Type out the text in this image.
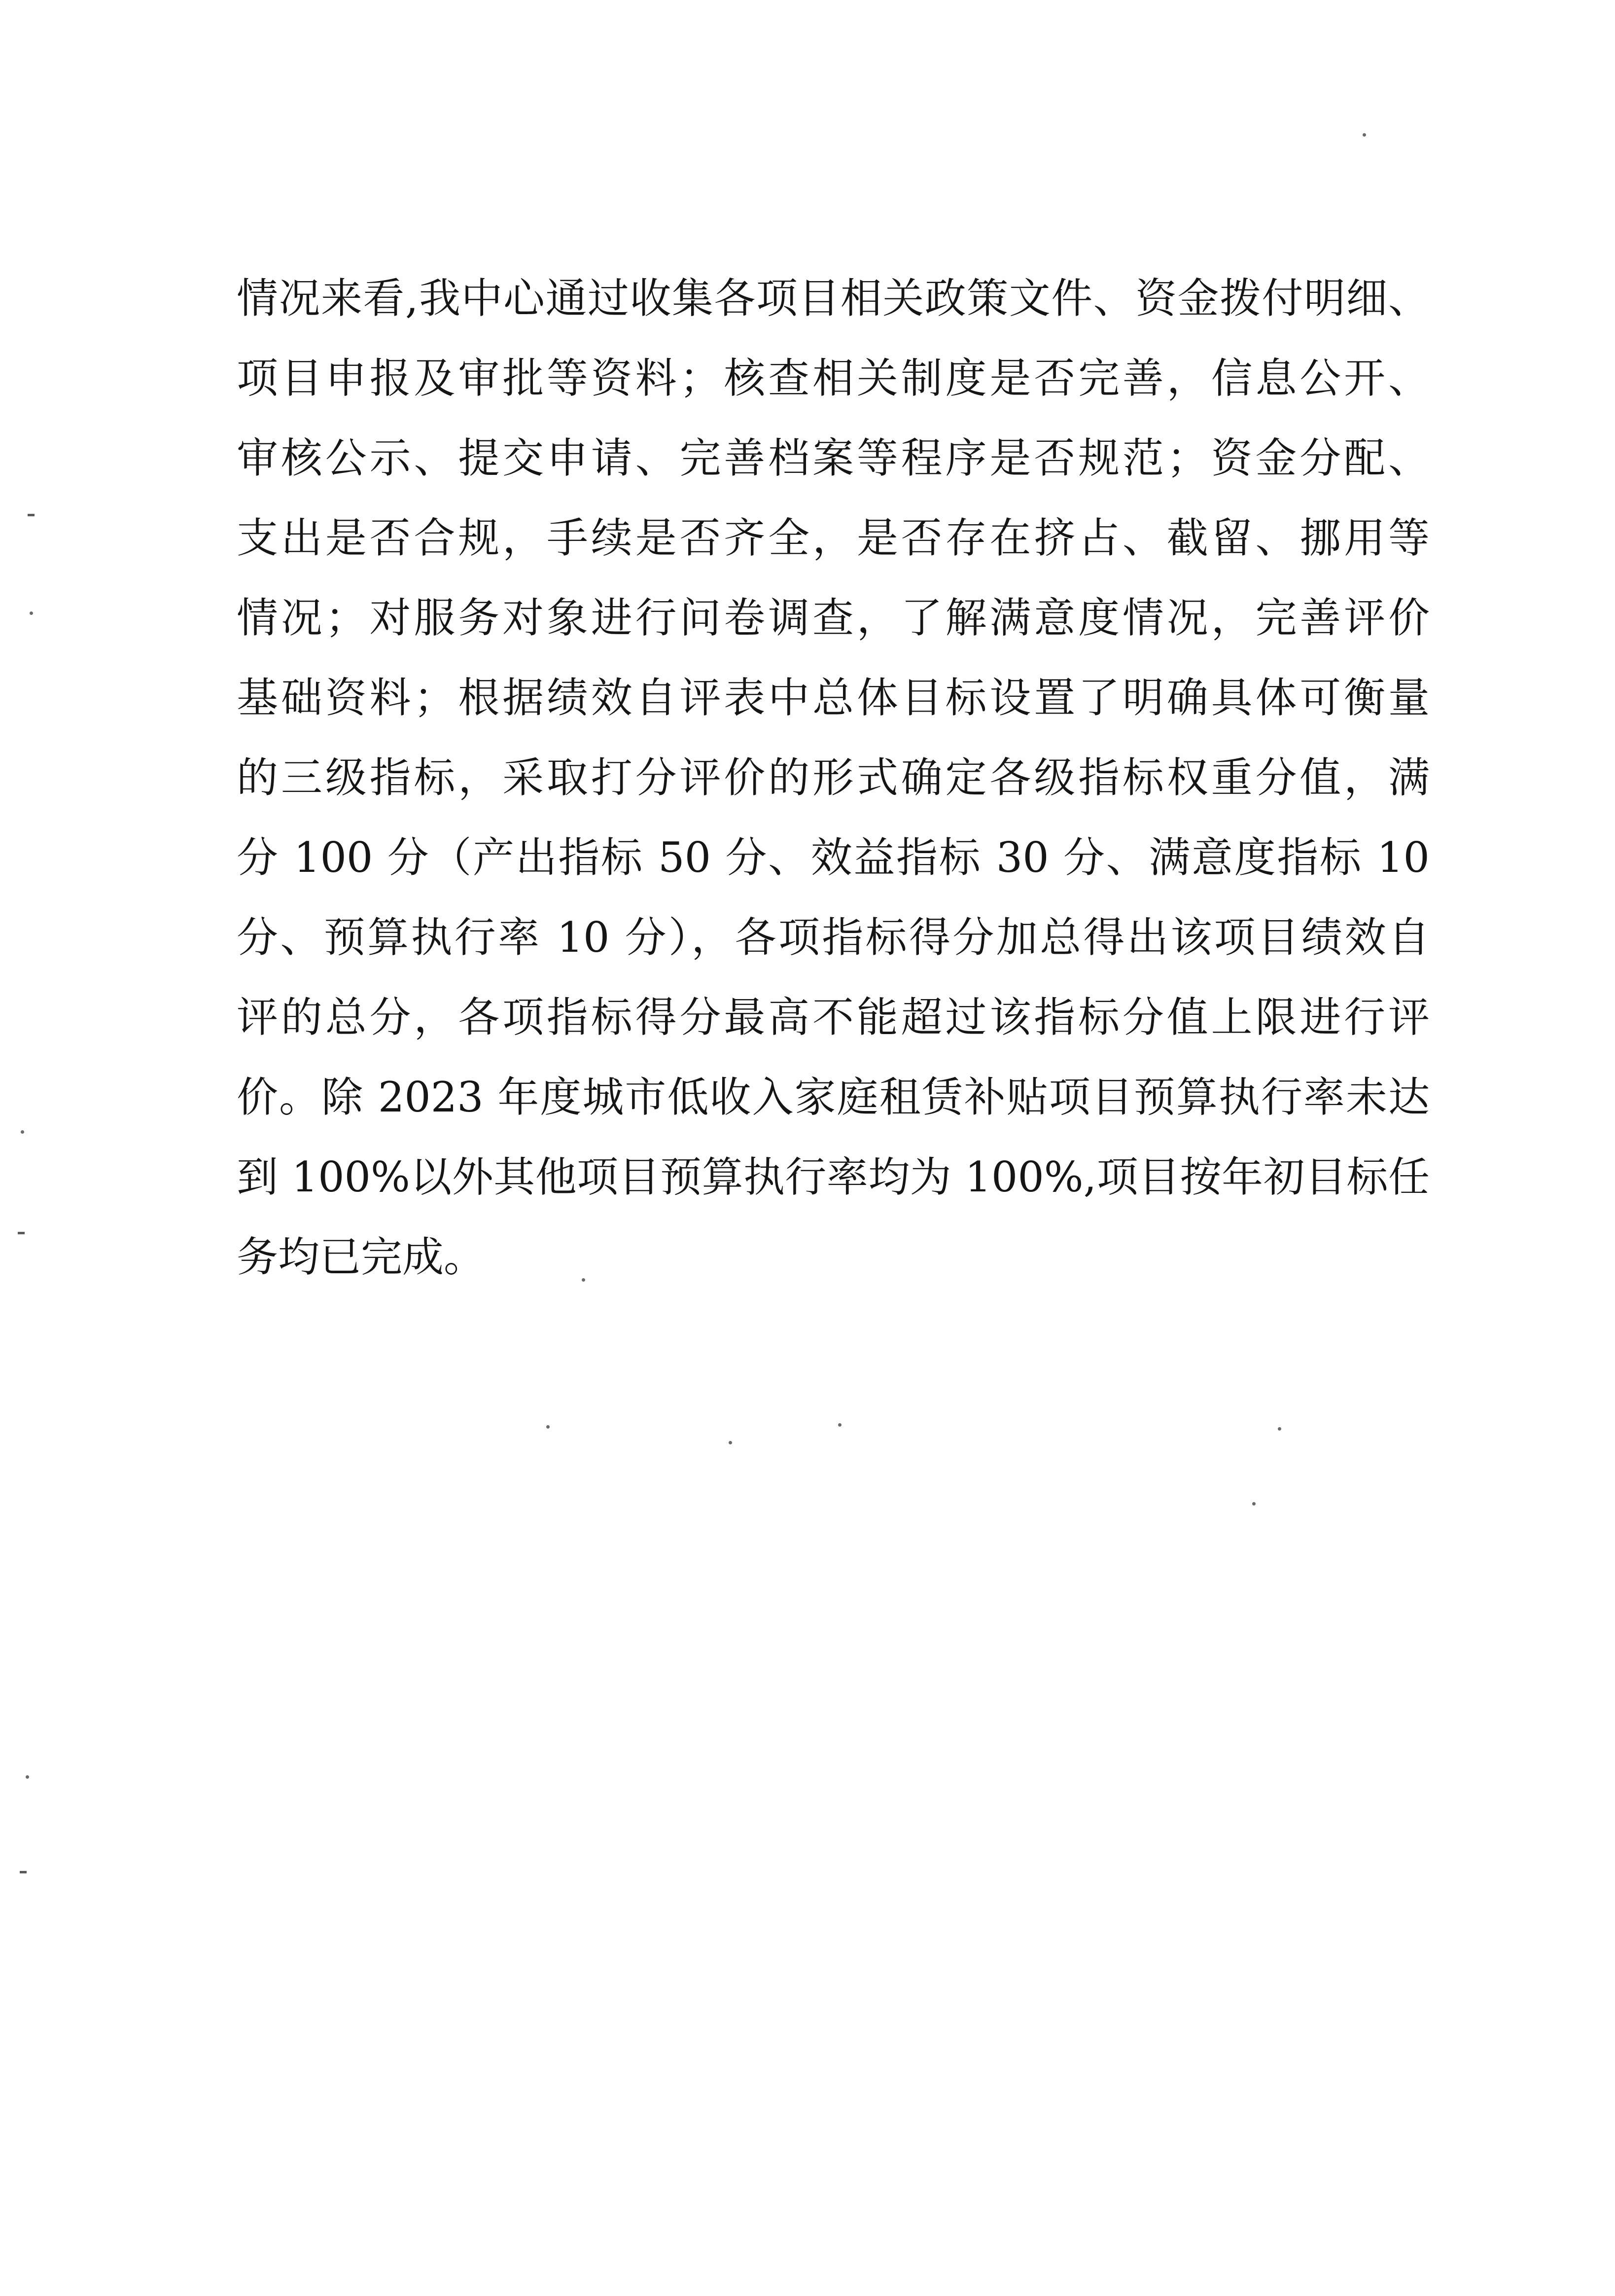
情况来看,我中心通过收集各项目相关政策文件、资金拨付明细、
项目申报及审批等资料；核查相关制度是否完善，信息公开、
审核公示、提交申请、完善档案等程序是否规范；资金分配、
支出是否合规，手续是否齐全，是否存在挤占、截留、挪用等
情况；对服务对象进行问卷调查，了解满意度情况，完善评价
基础资料；根据绩效自评表中总体目标设置了明确具体可衡量
的三级指标，采取打分评价的形式确定各级指标权重分值，满
分 100 分（产出指标 50 分、效益指标 30 分、满意度指标 10
分、预算执行率 10 分），各项指标得分加总得出该项目绩效自
评的总分，各项指标得分最高不能超过该指标分值上限进行评
价。除 2023 年度城市低收入家庭租赁补贴项目预算执行率未达
到 100%以外其他项目预算执行率均为 100%,项目按年初目标任
务均已完成。
